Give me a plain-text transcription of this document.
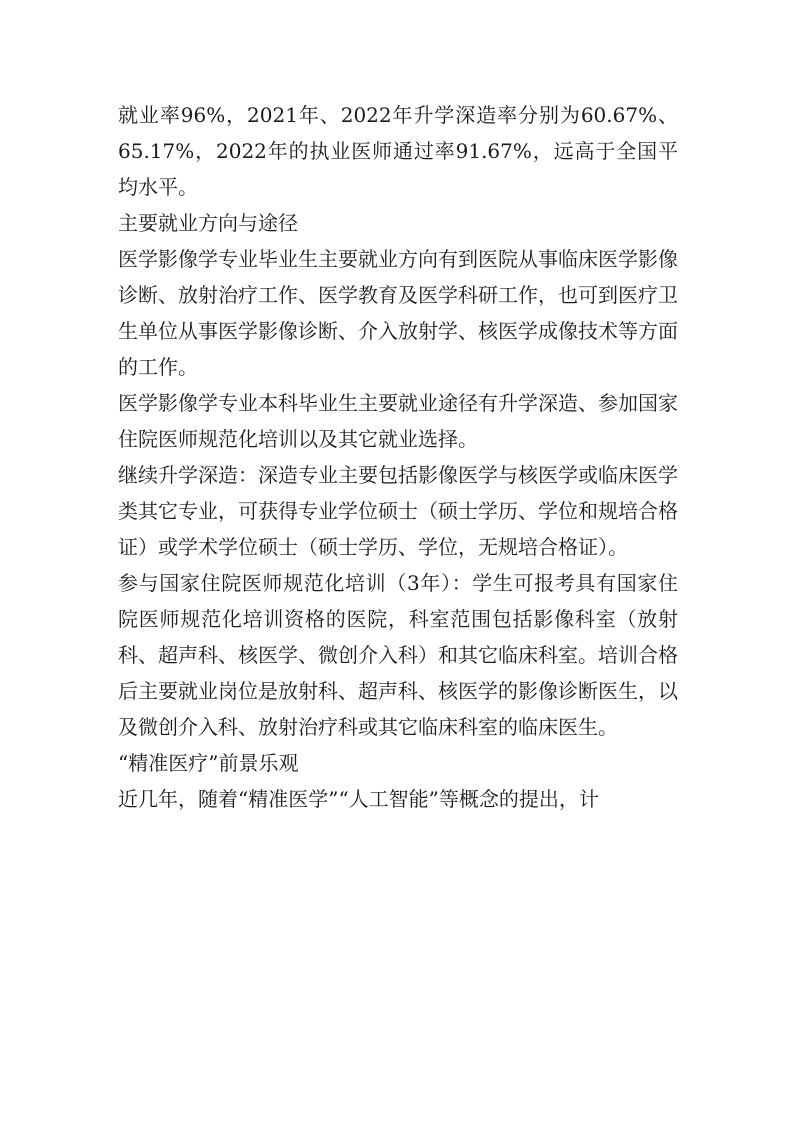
就业率96%，2021年、2022年升学深造率分别为60.67%、65.17%，2022年的执业医师通过率91.67%，远高于全国平均水平。

主要就业方向与途径

医学影像学专业毕业生主要就业方向有到医院从事临床医学影像诊断、放射治疗工作、医学教育及医学科研工作，也可到医疗卫生单位从事医学影像诊断、介入放射学、核医学成像技术等方面的工作。

医学影像学专业本科毕业生主要就业途径有升学深造、参加国家住院医师规范化培训以及其它就业选择。

继续升学深造：深造专业主要包括影像医学与核医学或临床医学类其它专业，可获得专业学位硕士（硕士学历、学位和规培合格证）或学术学位硕士（硕士学历、学位，无规培合格证）。

参与国家住院医师规范化培训（3年）：学生可报考具有国家住院医师规范化培训资格的医院，科室范围包括影像科室（放射科、超声科、核医学、微创介入科）和其它临床科室。培训合格后主要就业岗位是放射科、超声科、核医学的影像诊断医生，以及微创介入科、放射治疗科或其它临床科室的临床医生。

“精准医疗”前景乐观

近几年，随着“精准医学”“人工智能”等概念的提出，计
